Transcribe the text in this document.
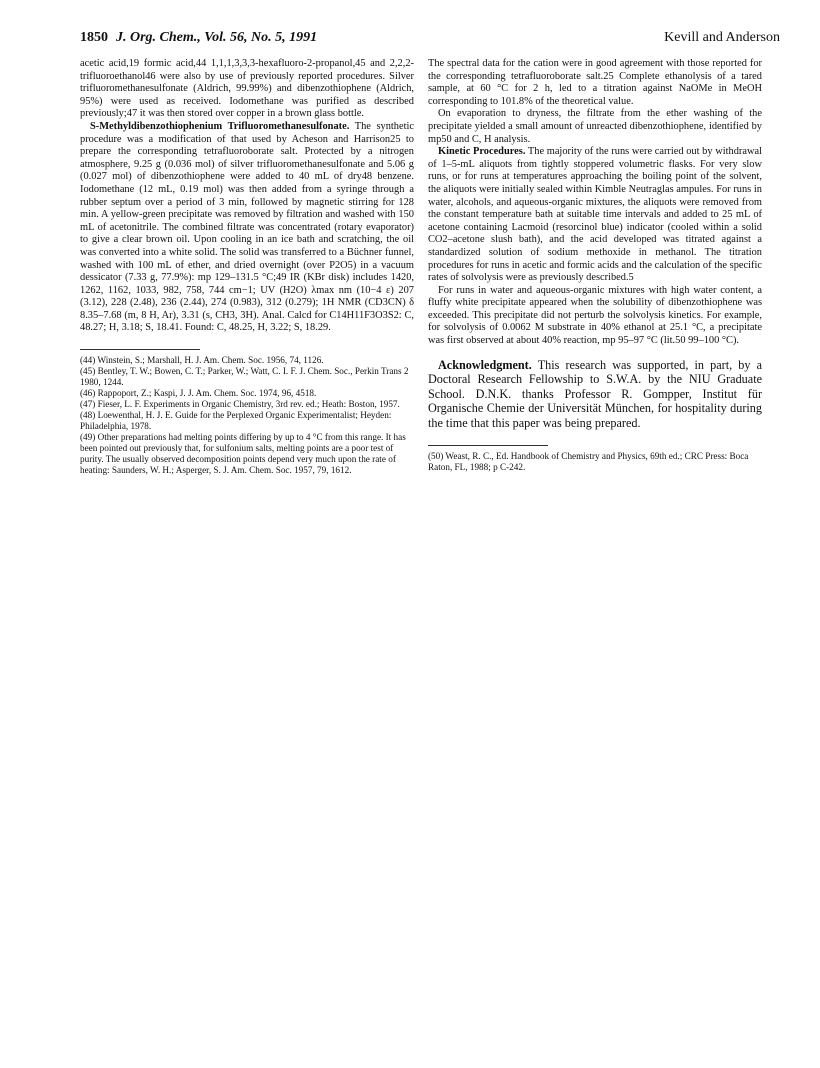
1850 J. Org. Chem., Vol. 56, No. 5, 1991	Kevill and Anderson

acetic acid,19 formic acid,44 1,1,1,3,3,3-hexafluoro-2-propanol,45 and 2,2,2-trifluoroethanol46 were also by use of previously reported procedures. Silver trifluoromethanesulfonate (Aldrich, 99.99%) and dibenzothiophene (Aldrich, 95%) were used as received. Iodomethane was purified as described previously;47 it was then stored over copper in a brown glass bottle.

S-Methyldibenzothiophenium Trifluoromethanesulfonate. The synthetic procedure was a modification of that used by Acheson and Harrison25 to prepare the corresponding tetrafluoroborate salt. Protected by a nitrogen atmosphere, 9.25 g (0.036 mol) of silver trifluoromethanesulfonate and 5.06 g (0.027 mol) of dibenzothiophene were added to 40 mL of dry48 benzene. Iodomethane (12 mL, 0.19 mol) was then added from a syringe through a rubber septum over a period of 3 min, followed by magnetic stirring for 128 min. A yellow-green precipitate was removed by filtration and washed with 150 mL of acetonitrile. The combined filtrate was concentrated (rotary evaporator) to give a clear brown oil. Upon cooling in an ice bath and scratching, the oil was converted into a white solid. The solid was transferred to a Büchner funnel, washed with 100 mL of ether, and dried overnight (over P2O5) in a vacuum dessicator (7.33 g, 77.9%): mp 129–131.5 °C;49 IR (KBr disk) includes 1420, 1262, 1162, 1033, 982, 758, 744 cm−1; UV (H2O) λmax nm (10−4 ε) 207 (3.12), 228 (2.48), 236 (2.44), 274 (0.983), 312 (0.279); 1H NMR (CD3CN) δ 8.35–7.68 (m, 8 H, Ar), 3.31 (s, CH3, 3H). Anal. Calcd for C14H11F3O3S2: C, 48.27; H, 3.18; S, 18.41. Found: C, 48.25, H, 3.22; S, 18.29.

(44) Winstein, S.; Marshall, H. J. Am. Chem. Soc. 1956, 74, 1126.
(45) Bentley, T. W.; Bowen, C. T.; Parker, W.; Watt, C. I. F. J. Chem. Soc., Perkin Trans 2 1980, 1244.
(46) Rappoport, Z.; Kaspi, J. J. Am. Chem. Soc. 1974, 96, 4518.
(47) Fieser, L. F. Experiments in Organic Chemistry, 3rd rev. ed.; Heath: Boston, 1957.
(48) Loewenthal, H. J. E. Guide for the Perplexed Organic Experimentalist; Heyden: Philadelphia, 1978.
(49) Other preparations had melting points differing by up to 4 °C from this range. It has been pointed out previously that, for sulfonium salts, melting points are a poor test of purity. The usually observed decomposition points depend very much upon the rate of heating: Saunders, W. H.; Asperger, S. J. Am. Chem. Soc. 1957, 79, 1612.

The spectral data for the cation were in good agreement with those reported for the corresponding tetrafluoroborate salt.25 Complete ethanolysis of a tared sample, at 60 °C for 2 h, led to a titration against NaOMe in MeOH corresponding to 101.8% of the theoretical value.

On evaporation to dryness, the filtrate from the ether washing of the precipitate yielded a small amount of unreacted dibenzothiophene, identified by mp50 and C, H analysis.

Kinetic Procedures. The majority of the runs were carried out by withdrawal of 1–5-mL aliquots from tightly stoppered volumetric flasks. For very slow runs, or for runs at temperatures approaching the boiling point of the solvent, the aliquots were initially sealed within Kimble Neutraglas ampules. For runs in water, alcohols, and aqueous-organic mixtures, the aliquots were removed from the constant temperature bath at suitable time intervals and added to 25 mL of acetone containing Lacmoid (resorcinol blue) indicator (cooled within a solid CO2–acetone slush bath), and the acid developed was titrated against a standardized solution of sodium methoxide in methanol. The titration procedures for runs in acetic and formic acids and the calculation of the specific rates of solvolysis were as previously described.5

For runs in water and aqueous-organic mixtures with high water content, a fluffy white precipitate appeared when the solubility of dibenzothiophene was exceeded. This precipitate did not perturb the solvolysis kinetics. For example, for solvolysis of 0.0062 M substrate in 40% ethanol at 25.1 °C, a precipitate was first observed at about 40% reaction, mp 95–97 °C (lit.50 99–100 °C).

Acknowledgment. This research was supported, in part, by a Doctoral Research Fellowship to S.W.A. by the NIU Graduate School. D.N.K. thanks Professor R. Gompper, Institut für Organische Chemie der Universität München, for hospitality during the time that this paper was being prepared.

(50) Weast, R. C., Ed. Handbook of Chemistry and Physics, 69th ed.; CRC Press: Boca Raton, FL, 1988; p C-242.
